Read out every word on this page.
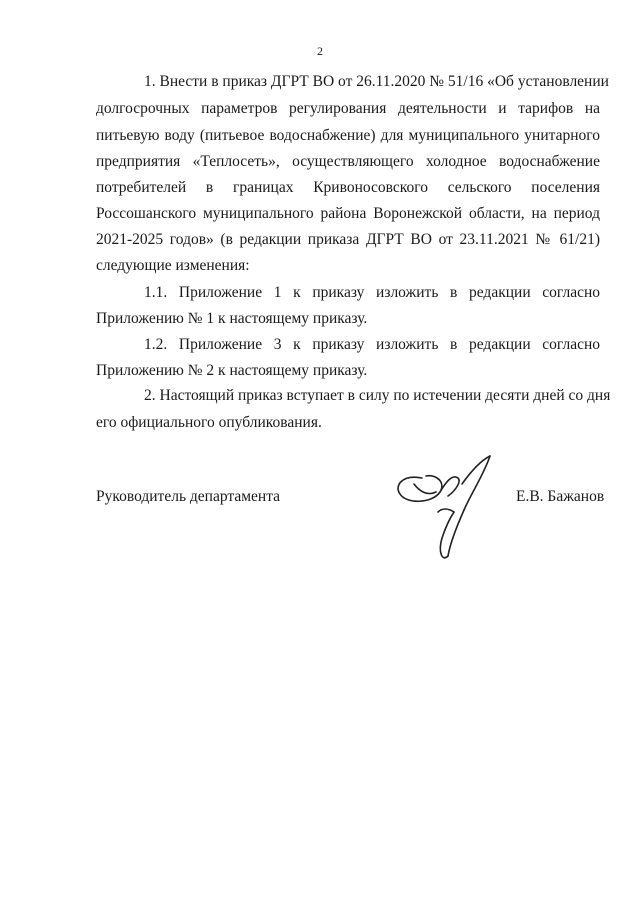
2
1. Внести в приказ ДГРТ ВО от 26.11.2020 № 51/16 «Об установлении
долгосрочных параметров регулирования деятельности и тарифов на
питьевую воду (питьевое водоснабжение) для муниципального унитарного
предприятия «Теплосеть», осуществляющего холодное водоснабжение
потребителей в границах Кривоносовского сельского поселения
Россошанского муниципального района Воронежской области, на период
2021-2025 годов» (в редакции приказа ДГРТ ВО от 23.11.2021 № 61/21)
следующие изменения:
1.1. Приложение 1 к приказу изложить в редакции согласно
Приложению № 1 к настоящему приказу.
1.2. Приложение 3 к приказу изложить в редакции согласно
Приложению № 2 к настоящему приказу.
2. Настоящий приказ вступает в силу по истечении десяти дней со дня
его официального опубликования.
Руководитель департамента	Е.В. Бажанов
